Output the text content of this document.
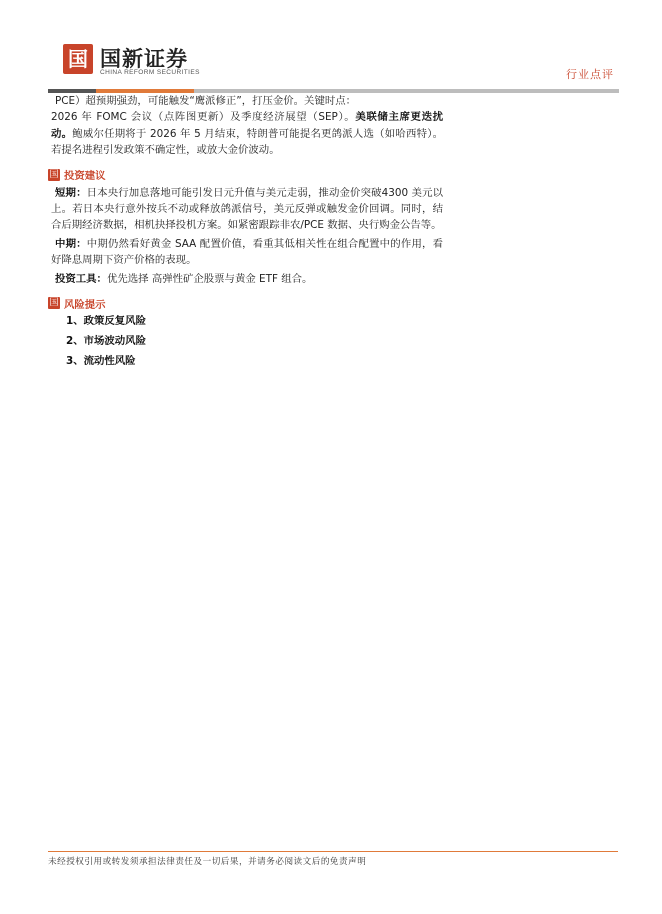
国 国新证券
CHINA REFORM SECURITIES	行业点评

PCE）超预期强劲，可能触发“鹰派修正”，打压金价。关键时点：
2026 年 FOMC 会议（点阵图更新）及季度经济展望（SEP）。美联储主席更迭扰动。鲍威尔任期将于 2026 年 5 月结束，特朗普可能提名更鸽派人选（如哈西特）。若提名进程引发政策不确定性，或放大金价波动。

国 投资建议

短期：日本央行加息落地可能引发日元升值与美元走弱，推动金价突破4300 美元以上。若日本央行意外按兵不动或释放鸽派信号，美元反弹或触发金价回调。同时，结合后期经济数据，相机抉择投机方案。如紧密跟踪非农/PCE 数据、央行购金公告等。

中期：中期仍然看好黄金 SAA 配置价值，看重其低相关性在组合配置中的作用，看好降息周期下资产价格的表现。

投资工具：优先选择 高弹性矿企股票与黄金 ETF 组合。

国 风险提示
1、政策反复风险
2、市场波动风险
3、流动性风险
未经授权引用或转发须承担法律责任及一切后果，并请务必阅读文后的免责声明
